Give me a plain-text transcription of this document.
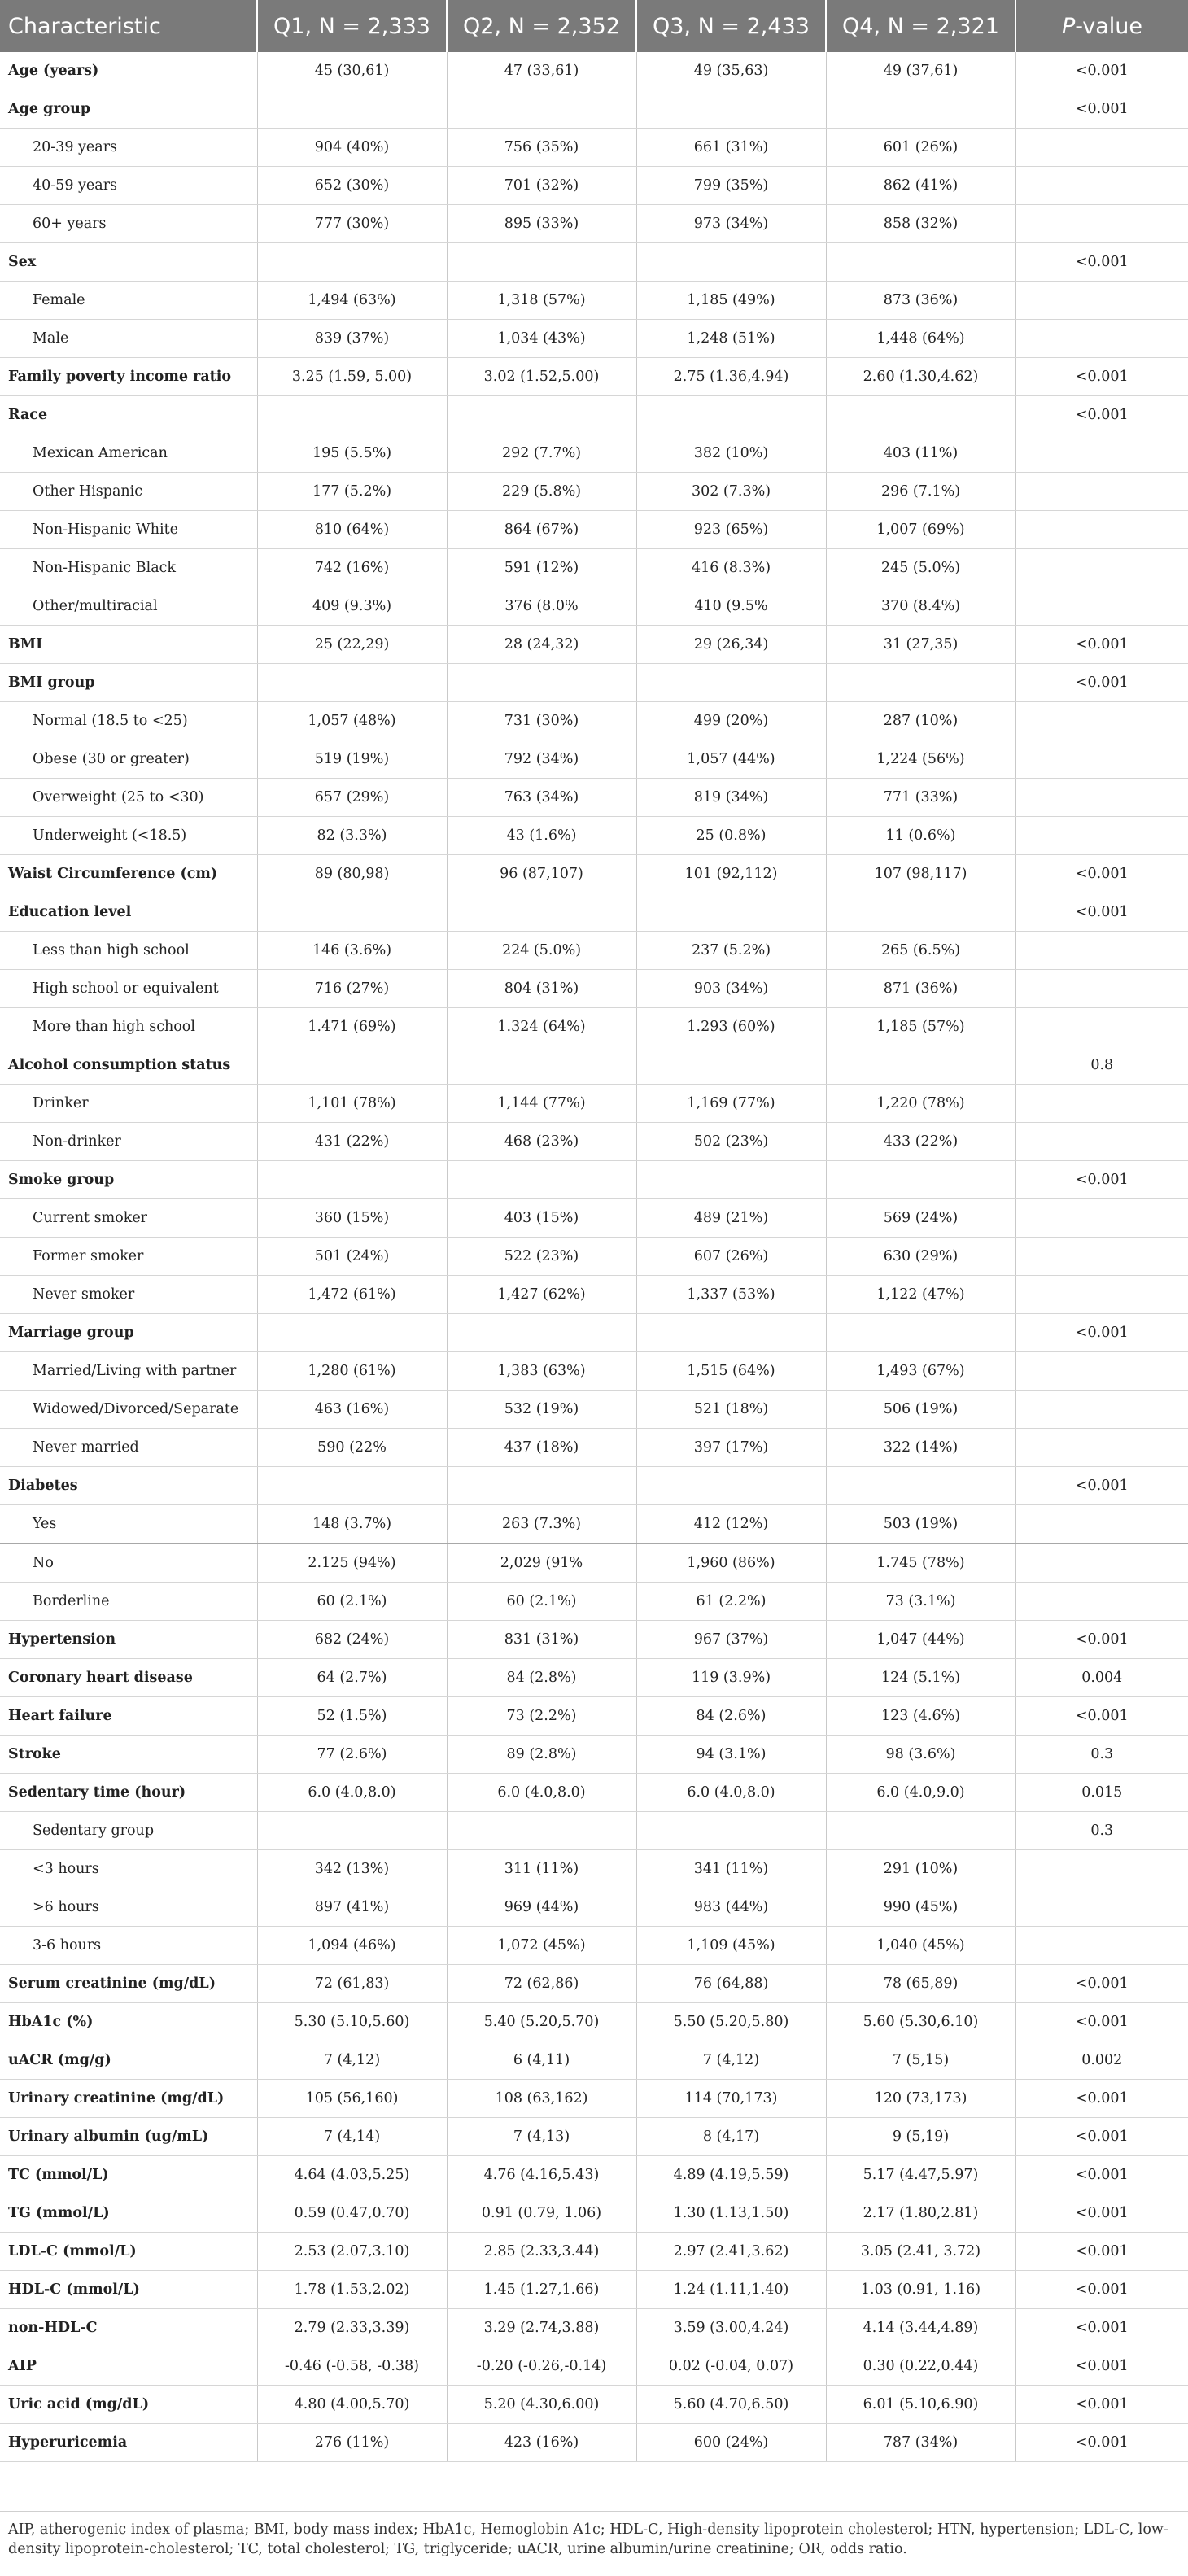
Characteristic	Q1, N = 2,333	Q2, N = 2,352	Q3, N = 2,433	Q4, N = 2,321	P-value
Age (years)	45 (30,61)	47 (33,61)	49 (35,63)	49 (37,61)	<0.001
Age group					<0.001
20-39 years	904 (40%)	756 (35%)	661 (31%)	601 (26%)	
40-59 years	652 (30%)	701 (32%)	799 (35%)	862 (41%)	
60+ years	777 (30%)	895 (33%)	973 (34%)	858 (32%)	
Sex					<0.001
Female	1,494 (63%)	1,318 (57%)	1,185 (49%)	873 (36%)	
Male	839 (37%)	1,034 (43%)	1,248 (51%)	1,448 (64%)	
Family poverty income ratio	3.25 (1.59, 5.00)	3.02 (1.52,5.00)	2.75 (1.36,4.94)	2.60 (1.30,4.62)	<0.001
Race					<0.001
Mexican American	195 (5.5%)	292 (7.7%)	382 (10%)	403 (11%)	
Other Hispanic	177 (5.2%)	229 (5.8%)	302 (7.3%)	296 (7.1%)	
Non-Hispanic White	810 (64%)	864 (67%)	923 (65%)	1,007 (69%)	
Non-Hispanic Black	742 (16%)	591 (12%)	416 (8.3%)	245 (5.0%)	
Other/multiracial	409 (9.3%)	376 (8.0%	410 (9.5%	370 (8.4%)	
BMI	25 (22,29)	28 (24,32)	29 (26,34)	31 (27,35)	<0.001
BMI group					<0.001
Normal (18.5 to <25)	1,057 (48%)	731 (30%)	499 (20%)	287 (10%)	
Obese (30 or greater)	519 (19%)	792 (34%)	1,057 (44%)	1,224 (56%)	
Overweight (25 to <30)	657 (29%)	763 (34%)	819 (34%)	771 (33%)	
Underweight (<18.5)	82 (3.3%)	43 (1.6%)	25 (0.8%)	11 (0.6%)	
Waist Circumference (cm)	89 (80,98)	96 (87,107)	101 (92,112)	107 (98,117)	<0.001
Education level					<0.001
Less than high school	146 (3.6%)	224 (5.0%)	237 (5.2%)	265 (6.5%)	
High school or equivalent	716 (27%)	804 (31%)	903 (34%)	871 (36%)	
More than high school	1.471 (69%)	1.324 (64%)	1.293 (60%)	1,185 (57%)	
Alcohol consumption status					0.8
Drinker	1,101 (78%)	1,144 (77%)	1,169 (77%)	1,220 (78%)	
Non-drinker	431 (22%)	468 (23%)	502 (23%)	433 (22%)	
Smoke group					<0.001
Current smoker	360 (15%)	403 (15%)	489 (21%)	569 (24%)	
Former smoker	501 (24%)	522 (23%)	607 (26%)	630 (29%)	
Never smoker	1,472 (61%)	1,427 (62%)	1,337 (53%)	1,122 (47%)	
Marriage group					<0.001
Married/Living with partner	1,280 (61%)	1,383 (63%)	1,515 (64%)	1,493 (67%)	
Widowed/Divorced/Separate	463 (16%)	532 (19%)	521 (18%)	506 (19%)	
Never married	590 (22%	437 (18%)	397 (17%)	322 (14%)	
Diabetes					<0.001
Yes	148 (3.7%)	263 (7.3%)	412 (12%)	503 (19%)	
No	2.125 (94%)	2,029 (91%	1,960 (86%)	1.745 (78%)	
Borderline	60 (2.1%)	60 (2.1%)	61 (2.2%)	73 (3.1%)	
Hypertension	682 (24%)	831 (31%)	967 (37%)	1,047 (44%)	<0.001
Coronary heart disease	64 (2.7%)	84 (2.8%)	119 (3.9%)	124 (5.1%)	0.004
Heart failure	52 (1.5%)	73 (2.2%)	84 (2.6%)	123 (4.6%)	<0.001
Stroke	77 (2.6%)	89 (2.8%)	94 (3.1%)	98 (3.6%)	0.3
Sedentary time (hour)	6.0 (4.0,8.0)	6.0 (4.0,8.0)	6.0 (4.0,8.0)	6.0 (4.0,9.0)	0.015
Sedentary group					0.3
<3 hours	342 (13%)	311 (11%)	341 (11%)	291 (10%)	
>6 hours	897 (41%)	969 (44%)	983 (44%)	990 (45%)	
3-6 hours	1,094 (46%)	1,072 (45%)	1,109 (45%)	1,040 (45%)	
Serum creatinine (mg/dL)	72 (61,83)	72 (62,86)	76 (64,88)	78 (65,89)	<0.001
HbA1c (%)	5.30 (5.10,5.60)	5.40 (5.20,5.70)	5.50 (5.20,5.80)	5.60 (5.30,6.10)	<0.001
uACR (mg/g)	7 (4,12)	6 (4,11)	7 (4,12)	7 (5,15)	0.002
Urinary creatinine (mg/dL)	105 (56,160)	108 (63,162)	114 (70,173)	120 (73,173)	<0.001
Urinary albumin (ug/mL)	7 (4,14)	7 (4,13)	8 (4,17)	9 (5,19)	<0.001
TC (mmol/L)	4.64 (4.03,5.25)	4.76 (4.16,5.43)	4.89 (4.19,5.59)	5.17 (4.47,5.97)	<0.001
TG (mmol/L)	0.59 (0.47,0.70)	0.91 (0.79, 1.06)	1.30 (1.13,1.50)	2.17 (1.80,2.81)	<0.001
LDL-C (mmol/L)	2.53 (2.07,3.10)	2.85 (2.33,3.44)	2.97 (2.41,3.62)	3.05 (2.41, 3.72)	<0.001
HDL-C (mmol/L)	1.78 (1.53,2.02)	1.45 (1.27,1.66)	1.24 (1.11,1.40)	1.03 (0.91, 1.16)	<0.001
non-HDL-C	2.79 (2.33,3.39)	3.29 (2.74,3.88)	3.59 (3.00,4.24)	4.14 (3.44,4.89)	<0.001
AIP	-0.46 (-0.58, -0.38)	-0.20 (-0.26,-0.14)	0.02 (-0.04, 0.07)	0.30 (0.22,0.44)	<0.001
Uric acid (mg/dL)	4.80 (4.00,5.70)	5.20 (4.30,6.00)	5.60 (4.70,6.50)	6.01 (5.10,6.90)	<0.001
Hyperuricemia	276 (11%)	423 (16%)	600 (24%)	787 (34%)	<0.001
AIP, atherogenic index of plasma; BMI, body mass index; HbA1c, Hemoglobin A1c; HDL-C, High-density lipoprotein cholesterol; HTN, hypertension; LDL-C, low-density lipoprotein-cholesterol; TC, total cholesterol; TG, triglyceride; uACR, urine albumin/urine creatinine; OR, odds ratio.
